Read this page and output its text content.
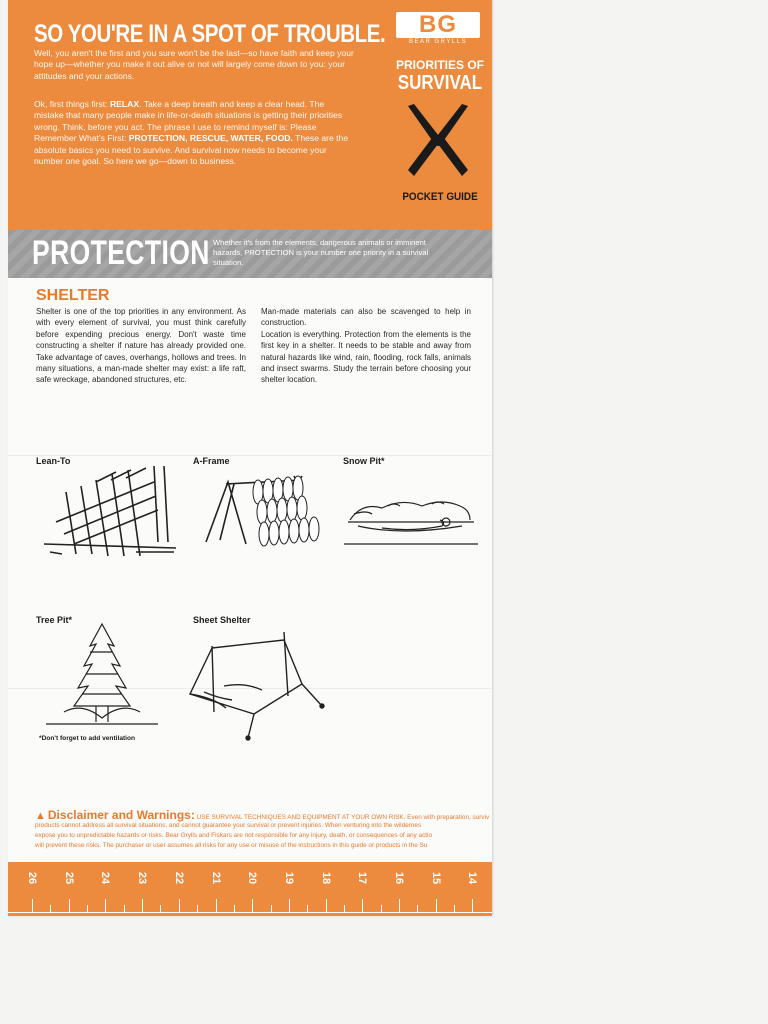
SO YOU'RE IN A SPOT OF TROUBLE.
Well, you aren't the first and you sure won't be the last—so have faith and keep your hope up—whether you make it out alive or not will largely come down to you: your attitudes and your actions.
Ok, first things first: RELAX. Take a deep breath and keep a clear head. The mistake that many people make in life-or-death situations is getting their priorities wrong. Think, before you act. The phrase I use to remind myself is: Please Remember What's First: PROTECTION, RESCUE, WATER, FOOD. These are the absolute basics you need to survive. And survival now needs to become your number one goal. So here we go—down to business.
BG
BEAR GRYLLS
PRIORITIES OF
SURVIVAL
POCKET GUIDE
PROTECTION Whether it's from the elements, dangerous animals or imminent hazards, PROTECTION is your number one priority in a survival situation.
SHELTER
Shelter is one of the top priorities in any environment. As with every element of survival, you must think carefully before expending precious energy. Don't waste time constructing a shelter if nature has already provided one. Take advantage of caves, overhangs, hollows and trees. In many situations, a man-made shelter may exist: a life raft, safe wreckage, abandoned structures, etc.
Man-made materials can also be scavenged to help in construction.
Location is everything. Protection from the elements is the first key in a shelter. It needs to be stable and away from natural hazards like wind, rain, flooding, rock falls, animals and insect swarms. Study the terrain before choosing your shelter location.
Lean-To	A-Frame	Snow Pit*
Tree Pit*
*Don't forget to add ventilation
Sheet Shelter
▲ Disclaimer and Warnings: USE SURVIVAL TECHNIQUES AND EQUIPMENT AT YOUR OWN RISK. Even with preparation, surviv
products cannot address all survival situations, and cannot guarantee your survival or prevent injuries. When venturing into the wildernes
expose you to unpredictable hazards or risks. Bear Grylls and Fiskars are not responsible for any injury, death, or consequences of any actio
will prevent these risks. The purchaser or user assumes all risks for any use or misuse of the instructions in this guide or products in the Su
26 25 24 23 22 21 20 19 18 17 16 15 14
